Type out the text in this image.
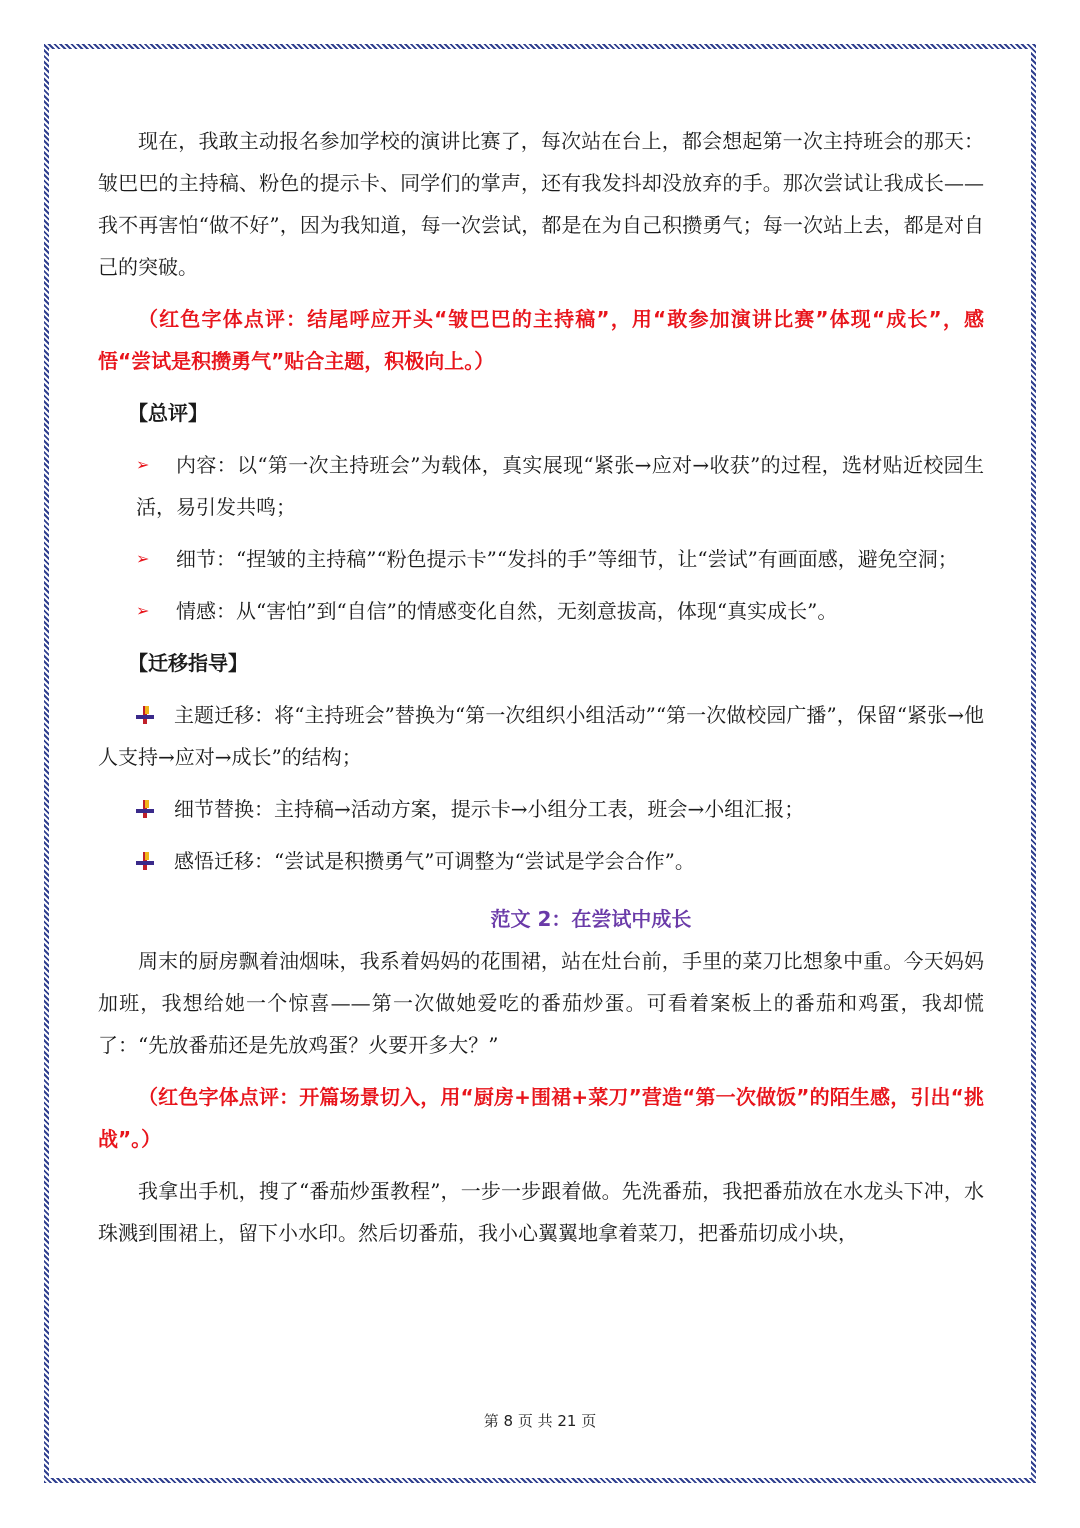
现在，我敢主动报名参加学校的演讲比赛了，每次站在台上，都会想起第一次主持班会的那天：皱巴巴的主持稿、粉色的提示卡、同学们的掌声，还有我发抖却没放弃的手。那次尝试让我成长——我不再害怕“做不好”，因为我知道，每一次尝试，都是在为自己积攒勇气；每一次站上去，都是对自己的突破。

（红色字体点评：结尾呼应开头“皱巴巴的主持稿”，用“敢参加演讲比赛”体现“成长”，感悟“尝试是积攒勇气”贴合主题，积极向上。）

【总评】

➢	内容：以“第一次主持班会”为载体，真实展现“紧张→应对→收获”的过程，选材贴近校园生活，易引发共鸣；

➢	细节：“捏皱的主持稿”“粉色提示卡”“发抖的手”等细节，让“尝试”有画面感，避免空洞；

➢	情感：从“害怕”到“自信”的情感变化自然，无刻意拔高，体现“真实成长”。

【迁移指导】

主题迁移：将“主持班会”替换为“第一次组织小组活动”“第一次做校园广播”，保留“紧张→他人支持→应对→成长”的结构；

细节替换：主持稿→活动方案，提示卡→小组分工表，班会→小组汇报；

感悟迁移：“尝试是积攒勇气”可调整为“尝试是学会合作”。

范文 2：在尝试中成长

周末的厨房飘着油烟味，我系着妈妈的花围裙，站在灶台前，手里的菜刀比想象中重。今天妈妈加班，我想给她一个惊喜——第一次做她爱吃的番茄炒蛋。可看着案板上的番茄和鸡蛋，我却慌了：“先放番茄还是先放鸡蛋？火要开多大？”

（红色字体点评：开篇场景切入，用“厨房+围裙+菜刀”营造“第一次做饭”的陌生感，引出“挑战”。）

我拿出手机，搜了“番茄炒蛋教程”，一步一步跟着做。先洗番茄，我把番茄放在水龙头下冲，水珠溅到围裙上，留下小水印。然后切番茄，我小心翼翼地拿着菜刀，把番茄切成小块，

第 8 页 共 21 页
